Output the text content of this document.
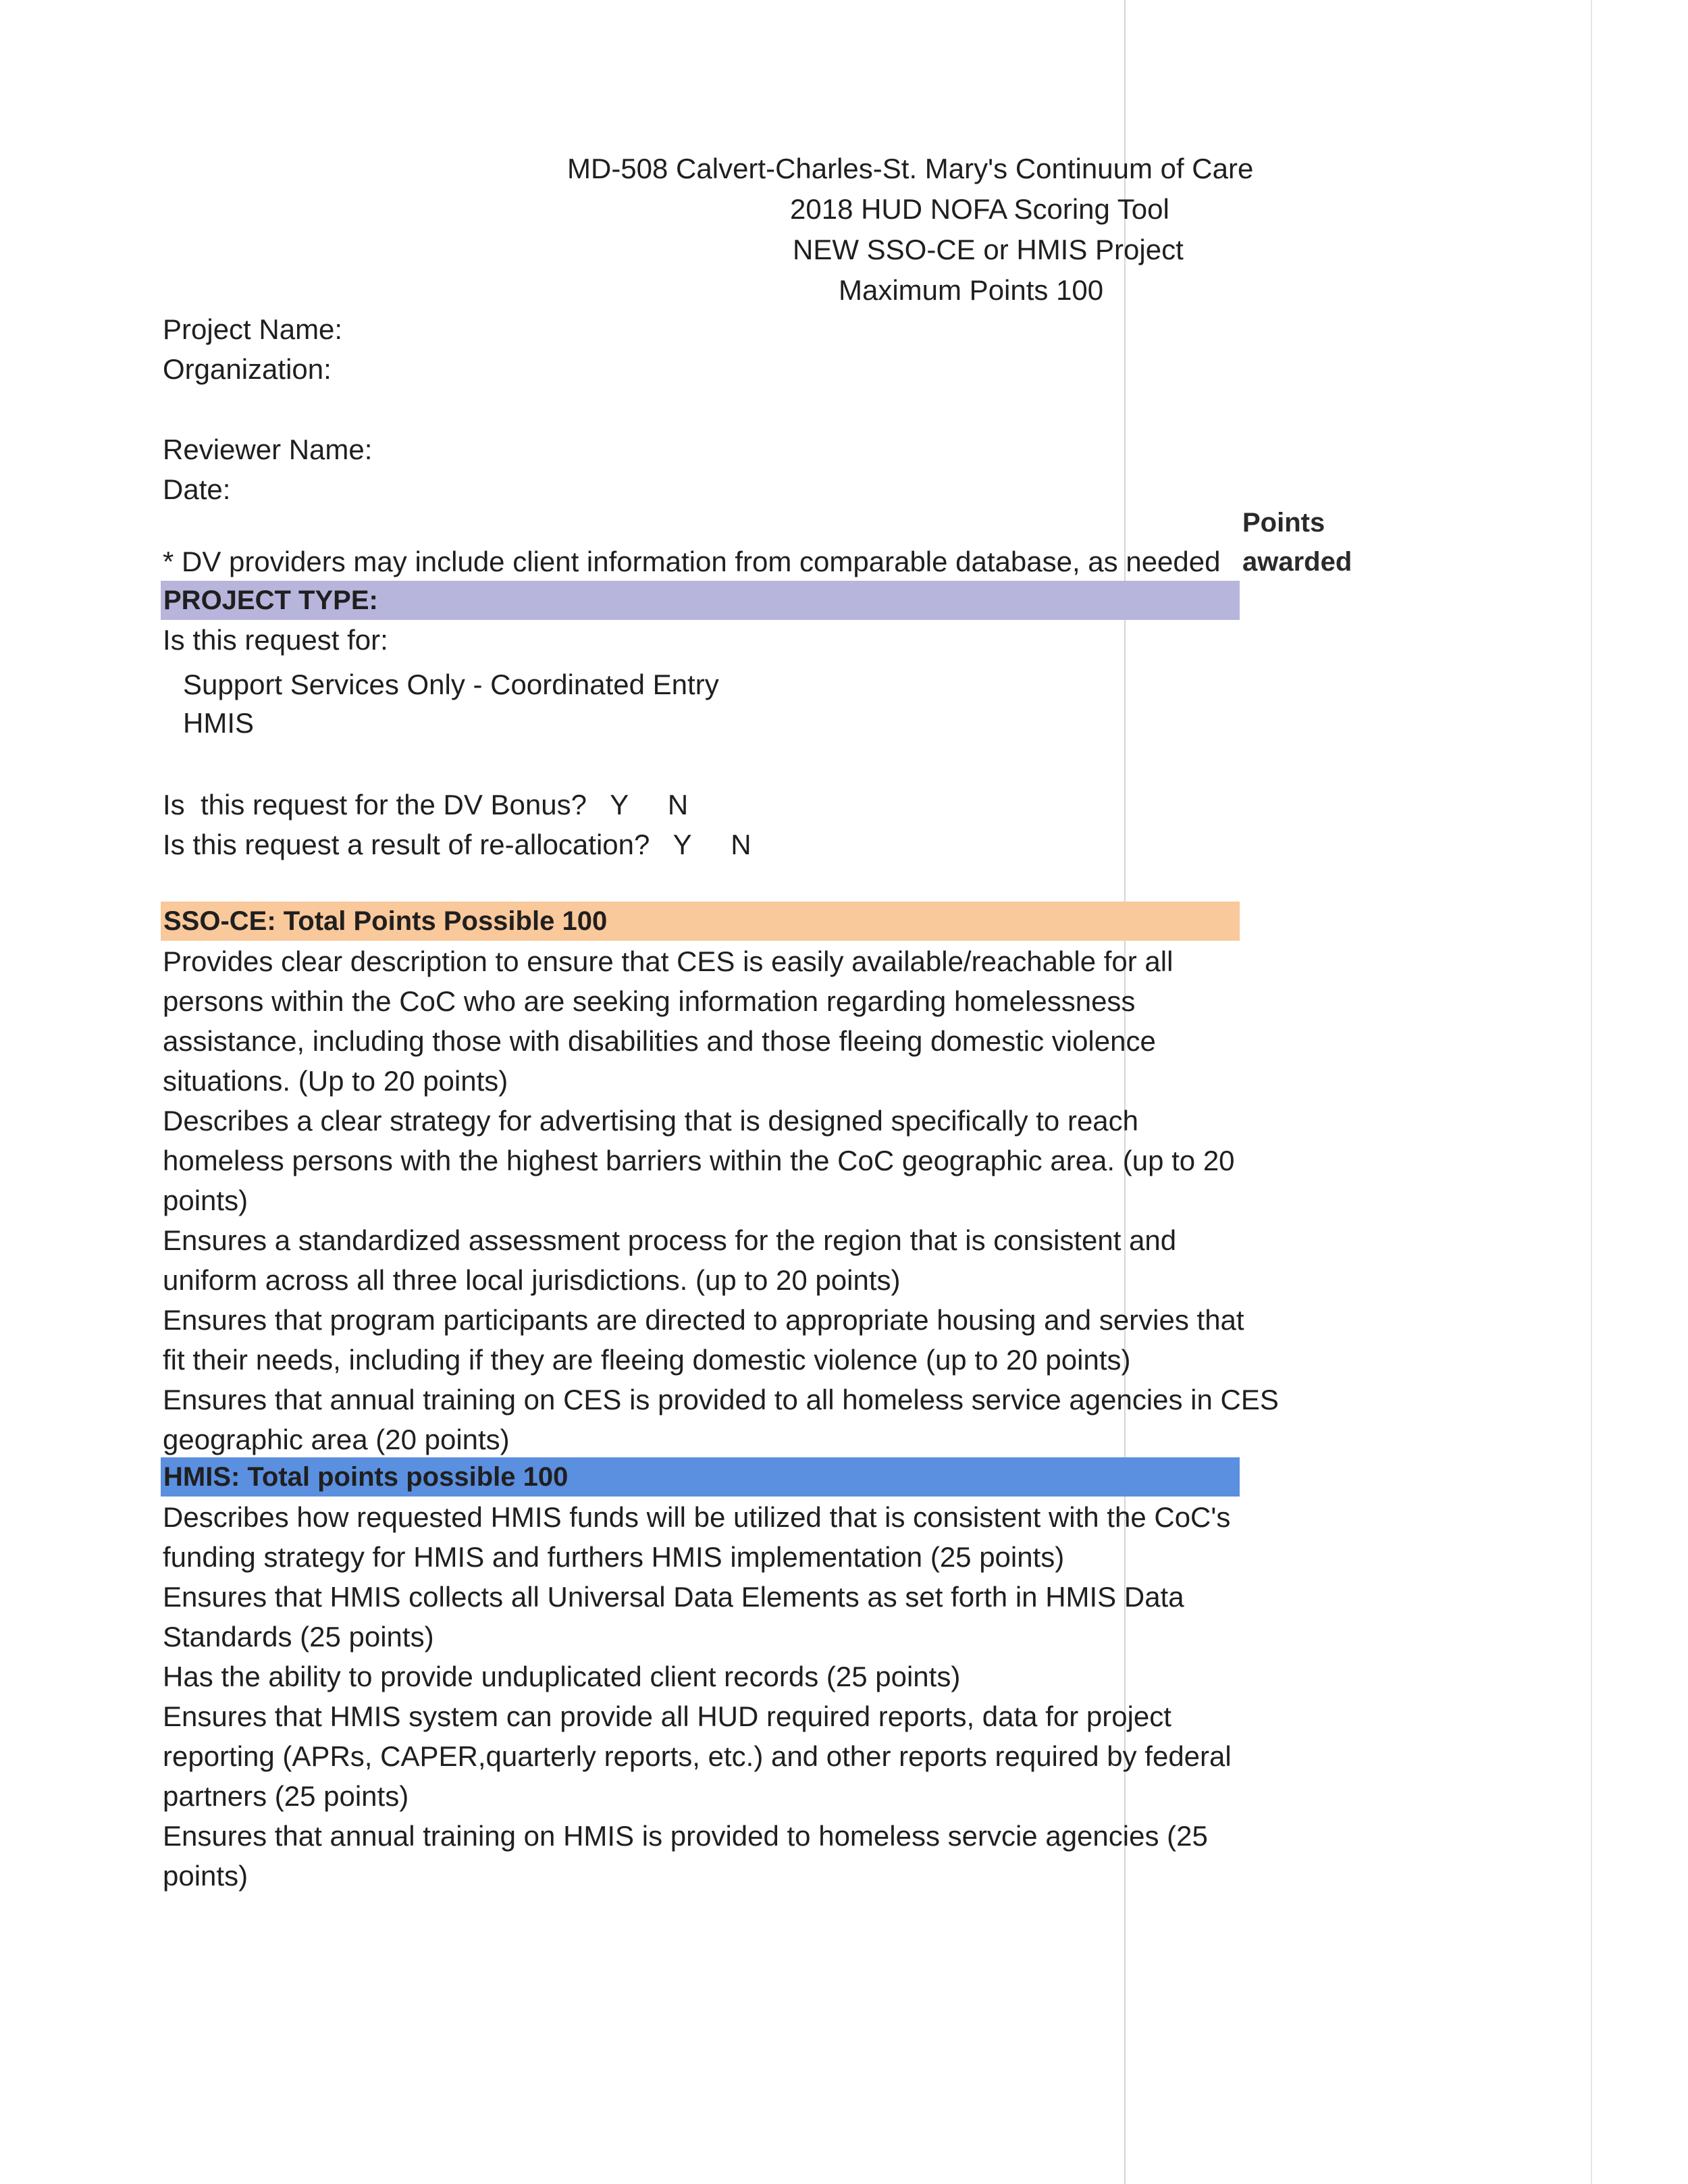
MD-508 Calvert-Charles-St. Mary's Continuum of Care
2018 HUD NOFA Scoring Tool
NEW SSO-CE or HMIS Project
Maximum Points 100
Project Name:
Organization:
Reviewer Name:
Date:
Points
awarded
* DV providers may include client information from comparable database, as needed
PROJECT TYPE:
Is this request for:
Support Services Only - Coordinated Entry
HMIS
Is  this request for the DV Bonus?   Y     N
Is this request a result of re-allocation?   Y     N
SSO-CE: Total Points Possible 100
Provides clear description to ensure that CES is easily available/reachable for all
persons within the CoC who are seeking information regarding homelessness
assistance, including those with disabilities and those fleeing domestic violence
situations. (Up to 20 points)
Describes a clear strategy for advertising that is designed specifically to reach
homeless persons with the highest barriers within the CoC geographic area. (up to 20
points)
Ensures a standardized assessment process for the region that is consistent and
uniform across all three local jurisdictions. (up to 20 points)
Ensures that program participants are directed to appropriate housing and servies that
fit their needs, including if they are fleeing domestic violence (up to 20 points)
Ensures that annual training on CES is provided to all homeless service agencies in CES
geographic area (20 points)
HMIS: Total points possible 100
Describes how requested HMIS funds will be utilized that is consistent with the CoC's
funding strategy for HMIS and furthers HMIS implementation (25 points)
Ensures that HMIS collects all Universal Data Elements as set forth in HMIS Data
Standards (25 points)
Has the ability to provide unduplicated client records (25 points)
Ensures that HMIS system can provide all HUD required reports, data for project
reporting (APRs, CAPER,quarterly reports, etc.) and other reports required by federal
partners (25 points)
Ensures that annual training on HMIS is provided to homeless servcie agencies (25
points)
